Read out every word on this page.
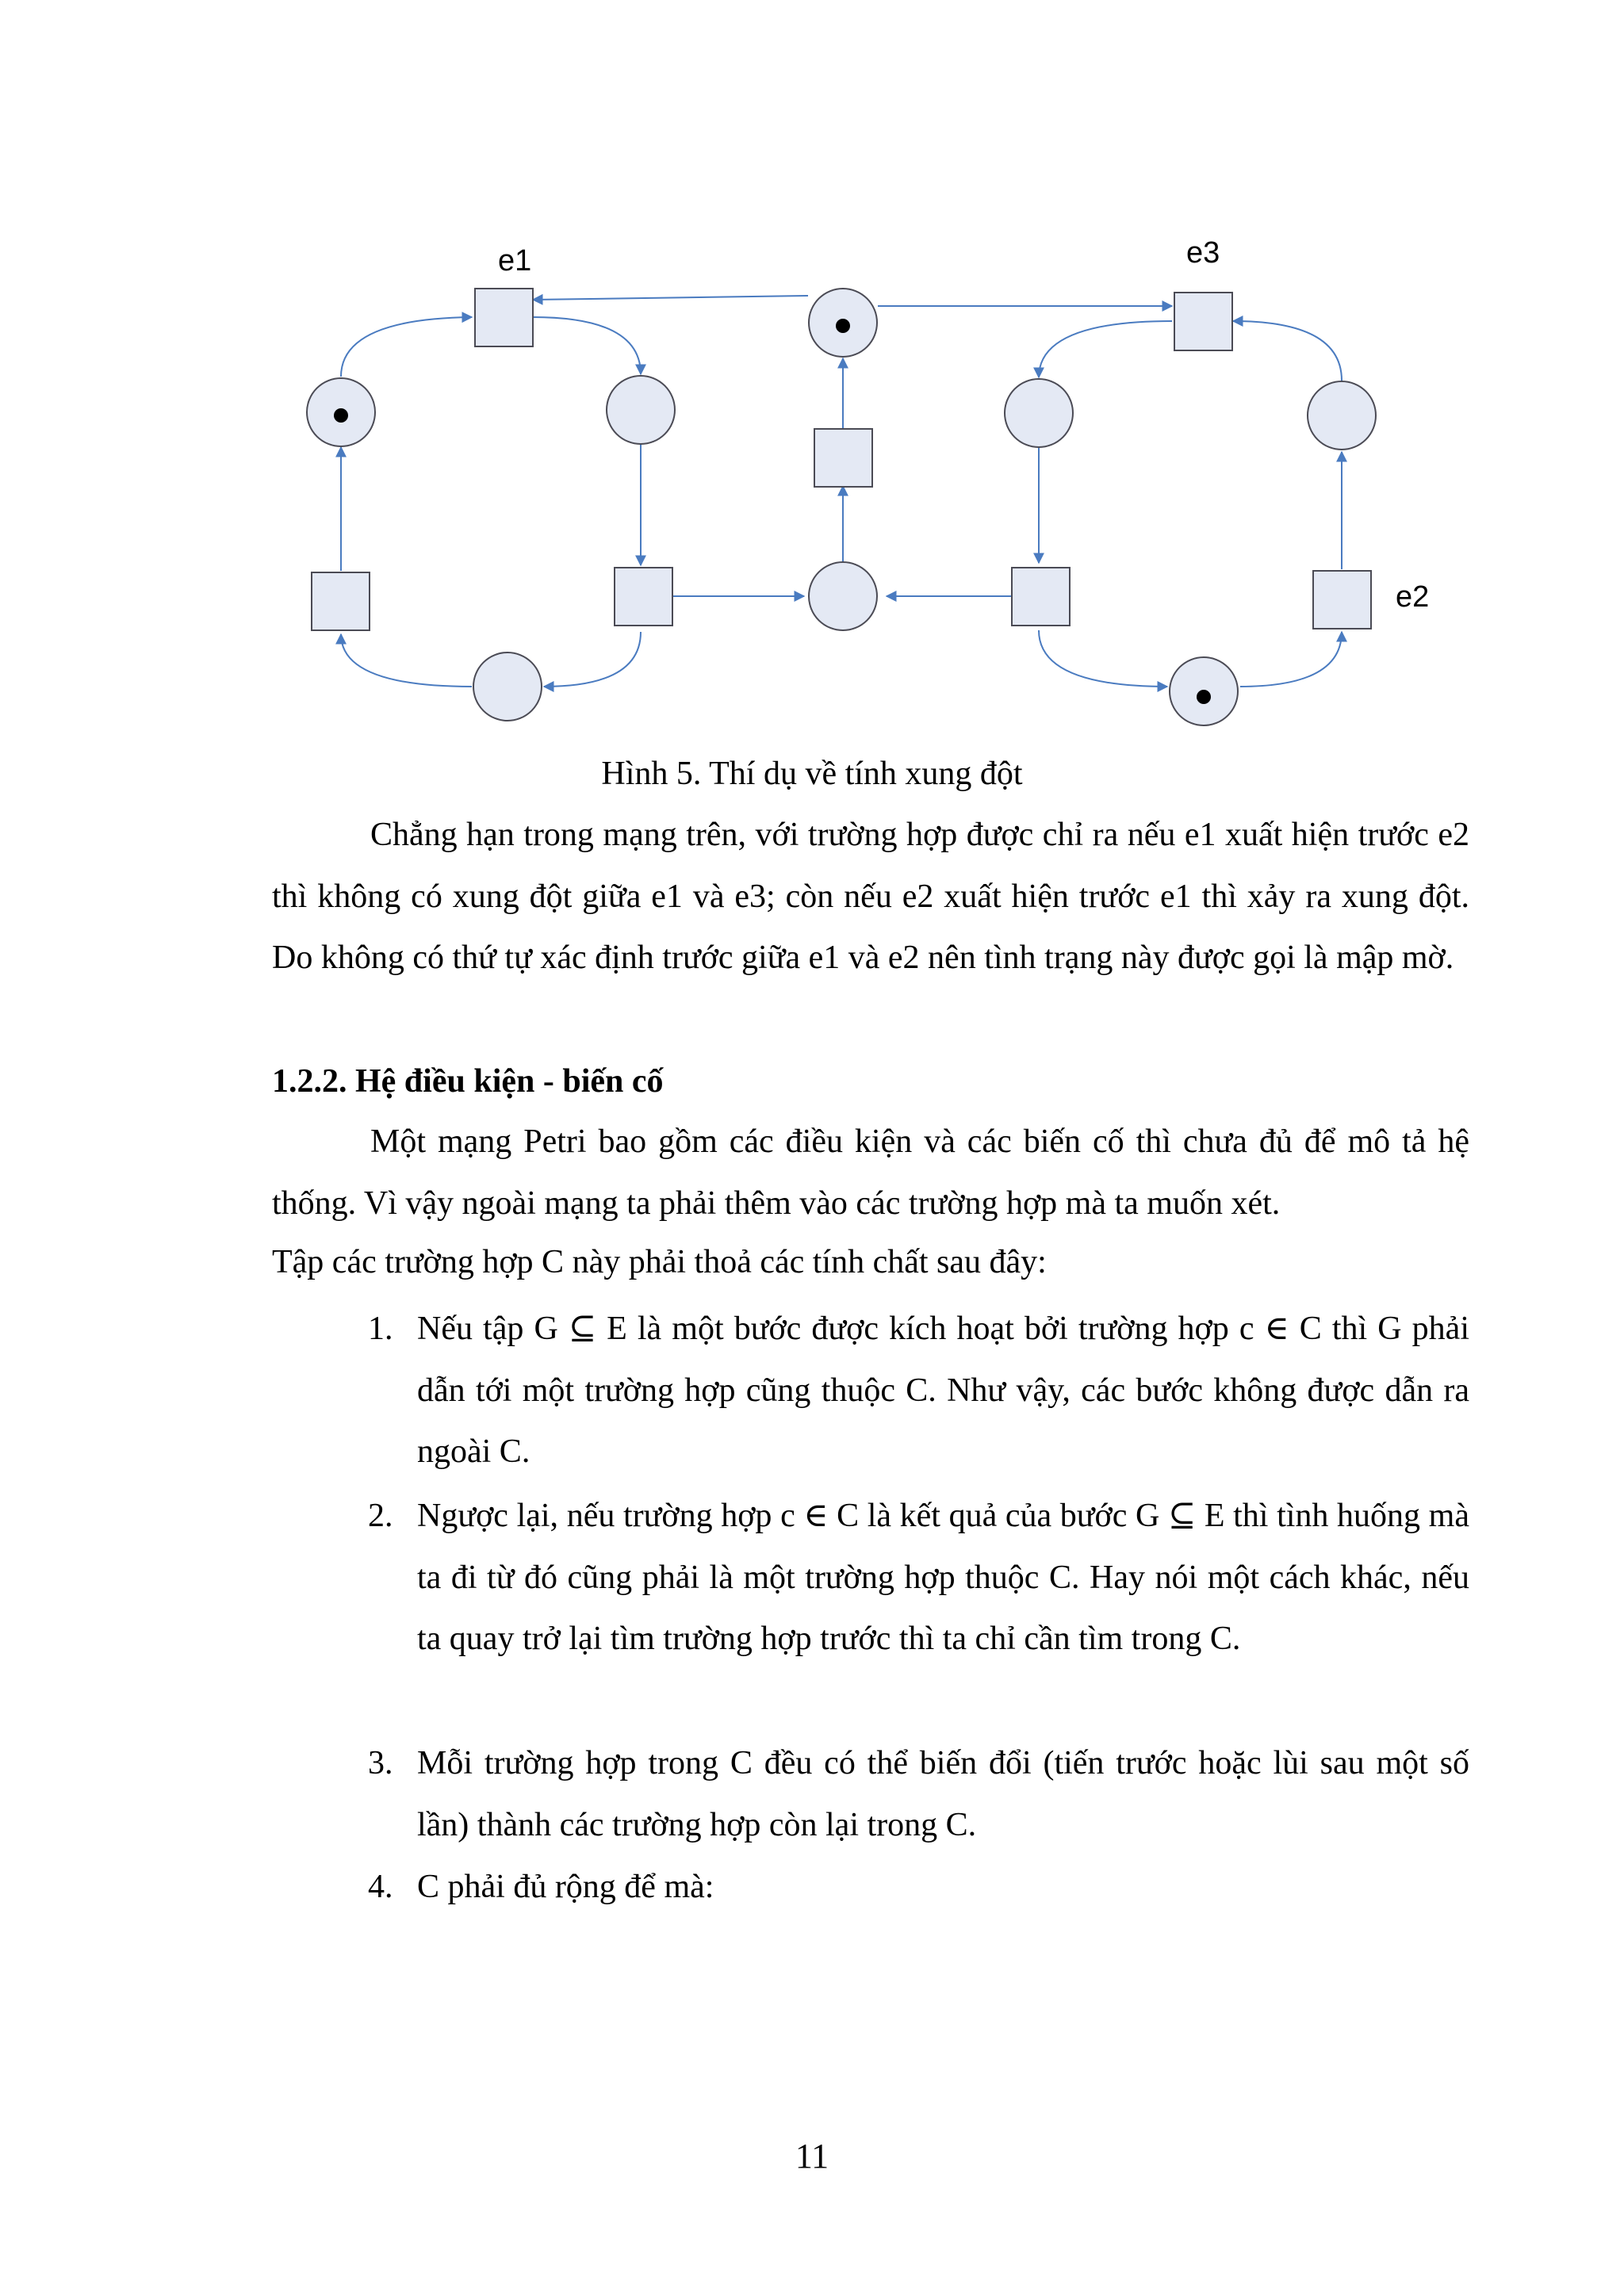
e1	e3
e2
Hình 5. Thí dụ về tính xung đột

Chẳng hạn trong mạng trên, với trường hợp được chỉ ra nếu e1 xuất hiện trước e2 thì không có xung đột giữa e1 và e3; còn nếu e2 xuất hiện trước e1 thì xảy ra xung đột. Do không có thứ tự xác định trước giữa e1 và e2 nên tình trạng này được gọi là mập mờ.

1.2.2. Hệ điều kiện - biến cố

Một mạng Petri bao gồm các điều kiện và các biến cố thì chưa đủ để mô tả hệ thống. Vì vậy ngoài mạng ta phải thêm vào các trường hợp mà ta muốn xét.

Tập các trường hợp C này phải thoả các tính chất sau đây:
1. Nếu tập G ⊆ E là một bước được kích hoạt bởi trường hợp c ∈ C thì G phải dẫn tới một trường hợp cũng thuộc C. Như vậy, các bước không được dẫn ra ngoài C.

2. Ngược lại, nếu trường hợp c ∈ C là kết quả của bước G ⊆ E thì tình huống mà ta đi từ đó cũng phải là một trường hợp thuộc C. Hay nói một cách khác, nếu ta quay trở lại tìm trường hợp trước thì ta chỉ cần tìm trong C.

3. Mỗi trường hợp trong C đều có thể biến đổi (tiến trước hoặc lùi sau một số lần) thành các trường hợp còn lại trong C.

4. C phải đủ rộng để mà:

11
